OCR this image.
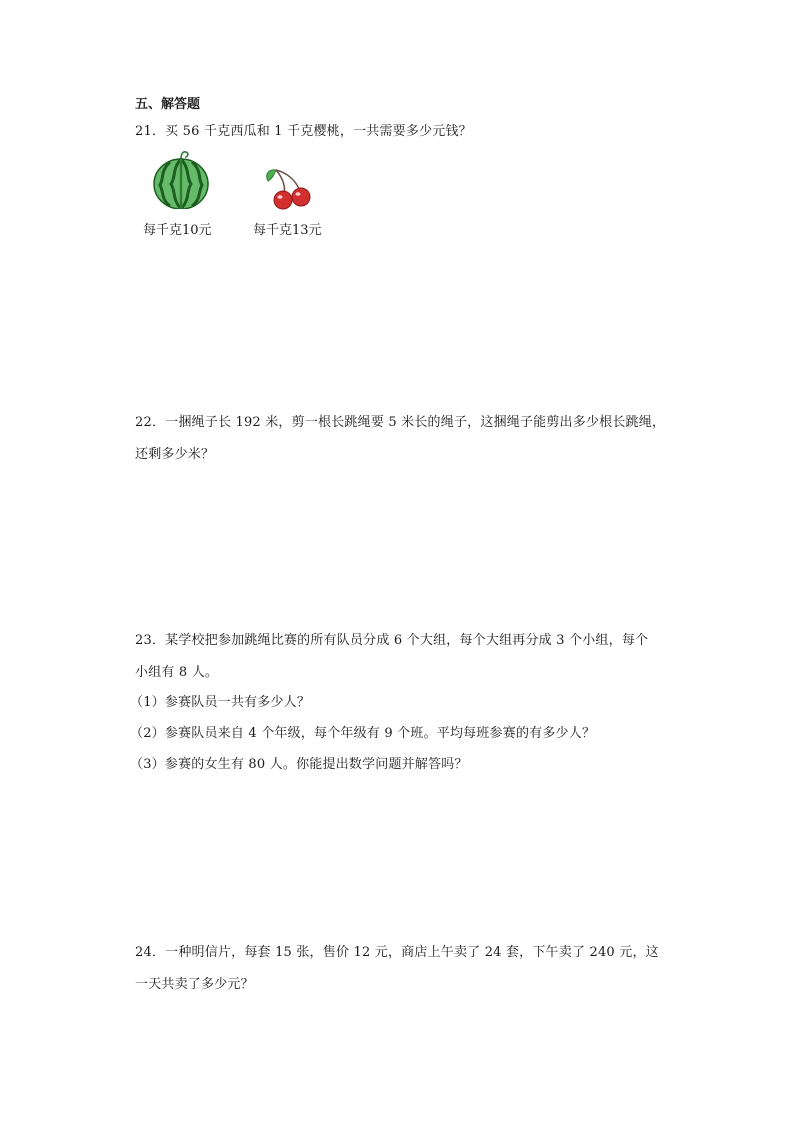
五、解答题
21．买 56 千克西瓜和 1 千克樱桃，一共需要多少元钱？
每千克10元	每千克13元
22．一捆绳子长 192 米，剪一根长跳绳要 5 米长的绳子，这捆绳子能剪出多少根长跳绳，
还剩多少米？
23．某学校把参加跳绳比赛的所有队员分成 6 个大组，每个大组再分成 3 个小组，每个
小组有 8 人。
（1）参赛队员一共有多少人？
（2）参赛队员来自 4 个年级，每个年级有 9 个班。平均每班参赛的有多少人？
（3）参赛的女生有 80 人。你能提出数学问题并解答吗？
24．一种明信片，每套 15 张，售价 12 元，商店上午卖了 24 套，下午卖了 240 元，这
一天共卖了多少元？
